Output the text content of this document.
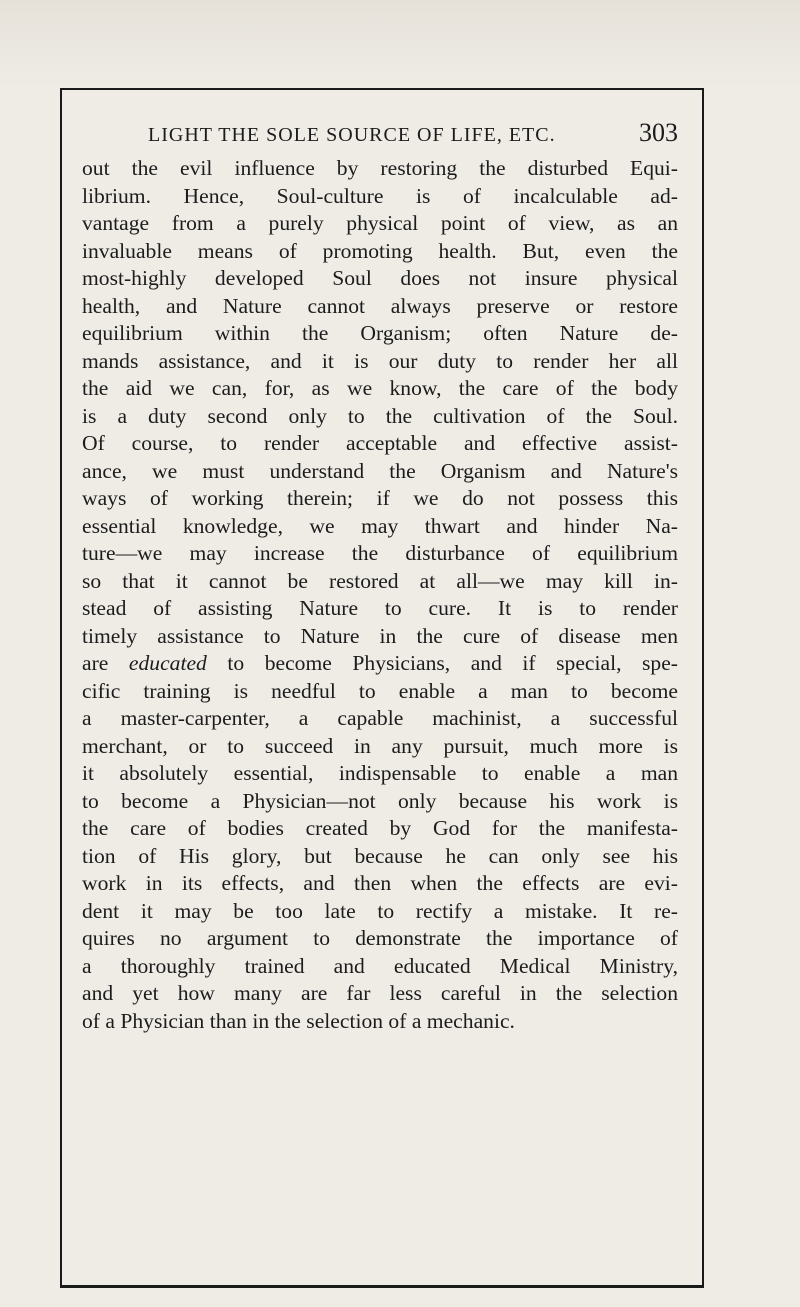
LIGHT THE SOLE SOURCE OF LIFE, ETC.	303
out the evil influence by restoring the disturbed Equi-
librium. Hence, Soul-culture is of incalculable ad-
vantage from a purely physical point of view, as an
invaluable means of promoting health. But, even the
most-highly developed Soul does not insure physical
health, and Nature cannot always preserve or restore
equilibrium within the Organism; often Nature de-
mands assistance, and it is our duty to render her all
the aid we can, for, as we know, the care of the body
is a duty second only to the cultivation of the Soul.
Of course, to render acceptable and effective assist-
ance, we must understand the Organism and Nature's
ways of working therein; if we do not possess this
essential knowledge, we may thwart and hinder Na-
ture—we may increase the disturbance of equilibrium
so that it cannot be restored at all—we may kill in-
stead of assisting Nature to cure. It is to render
timely assistance to Nature in the cure of disease men
are educated to become Physicians, and if special, spe-
cific training is needful to enable a man to become
a master-carpenter, a capable machinist, a successful
merchant, or to succeed in any pursuit, much more is
it absolutely essential, indispensable to enable a man
to become a Physician—not only because his work is
the care of bodies created by God for the manifesta-
tion of His glory, but because he can only see his
work in its effects, and then when the effects are evi-
dent it may be too late to rectify a mistake. It re-
quires no argument to demonstrate the importance of
a thoroughly trained and educated Medical Ministry,
and yet how many are far less careful in the selection
of a Physician than in the selection of a mechanic.
